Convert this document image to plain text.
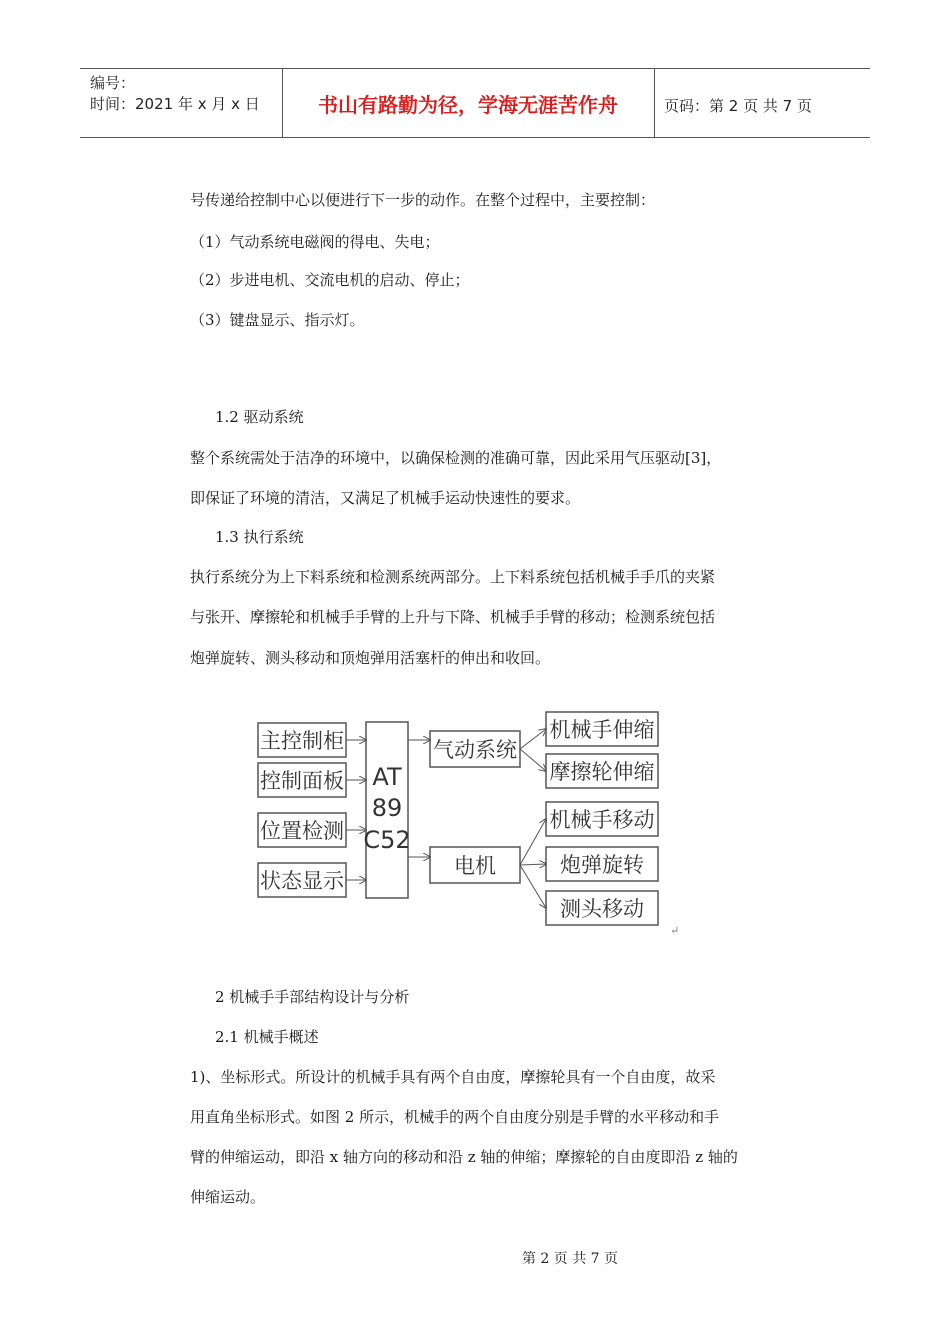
编号：
时间：2021 年 x 月 x 日	书山有路勤为径，学海无涯苦作舟	页码：第 2 页 共 7 页
号传递给控制中心以便进行下一步的动作。在整个过程中，主要控制：
（1）气动系统电磁阀的得电、失电；
（2）步进电机、交流电机的启动、停止；
（3）键盘显示、指示灯。
1.2 驱动系统
整个系统需处于洁净的环境中，以确保检测的准确可靠，因此采用气压驱动[3]，
即保证了环境的清洁，又满足了机械手运动快速性的要求。
1.3 执行系统
执行系统分为上下料系统和检测系统两部分。上下料系统包括机械手手爪的夹紧
与张开、摩擦轮和机械手手臂的上升与下降、机械手手臂的移动；检测系统包括
炮弹旋转、测头移动和顶炮弹用活塞杆的伸出和收回。
主控制柜
控制面板
位置检测
状态显示
AT
89
C52
气动系统
电机
机械手伸缩
摩擦轮伸缩
机械手移动
炮弹旋转
测头移动
↵
2 机械手手部结构设计与分析
2.1 机械手概述
1)、坐标形式。所设计的机械手具有两个自由度，摩擦轮具有一个自由度，故采
用直角坐标形式。如图 2 所示，机械手的两个自由度分别是手臂的水平移动和手
臂的伸缩运动，即沿 x 轴方向的移动和沿 z 轴的伸缩；摩擦轮的自由度即沿 z 轴的
伸缩运动。
第 2 页 共 7 页
